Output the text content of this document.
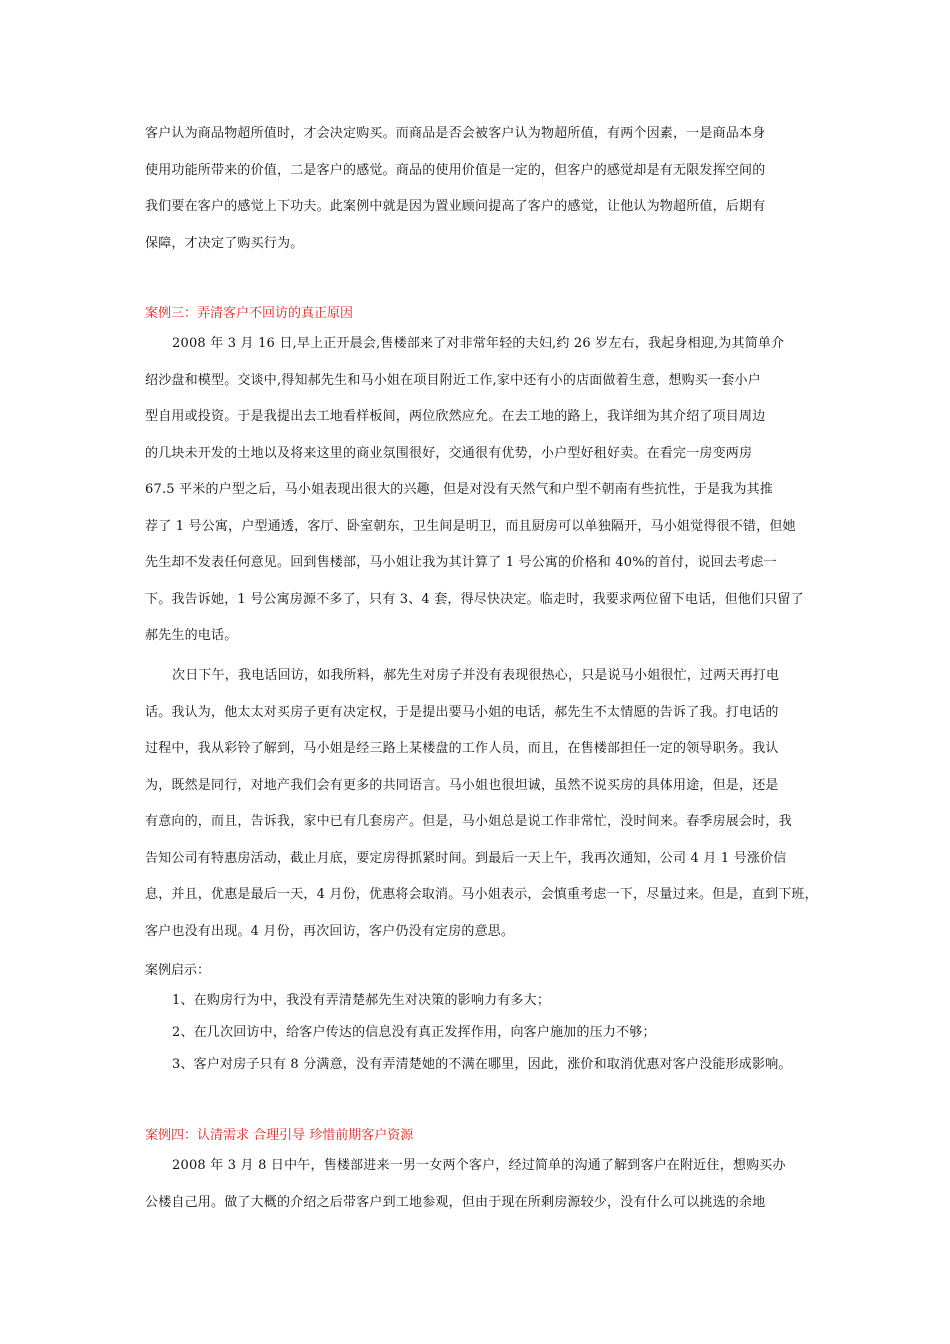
客户认为商品物超所值时，才会决定购买。而商品是否会被客户认为物超所值，有两个因素，一是商品本身
使用功能所带来的价值，二是客户的感觉。商品的使用价值是一定的，但客户的感觉却是有无限发挥空间的
我们要在客户的感觉上下功夫。此案例中就是因为置业顾问提高了客户的感觉，让他认为物超所值，后期有
保障，才决定了购买行为。
案例三：弄清客户不回访的真正原因
2008 年 3 月 16 日,早上正开晨会,售楼部来了对非常年轻的夫妇,约 26 岁左右，我起身相迎,为其简单介
绍沙盘和模型。交谈中,得知郝先生和马小姐在项目附近工作,家中还有小的店面做着生意，想购买一套小户
型自用或投资。于是我提出去工地看样板间，两位欣然应允。在去工地的路上，我详细为其介绍了项目周边
的几块未开发的土地以及将来这里的商业氛围很好，交通很有优势，小户型好租好卖。在看完一房变两房
67.5 平米的户型之后，马小姐表现出很大的兴趣，但是对没有天然气和户型不朝南有些抗性，于是我为其推
荐了 1 号公寓，户型通透，客厅、卧室朝东，卫生间是明卫，而且厨房可以单独隔开，马小姐觉得很不错，但她
先生却不发表任何意见。回到售楼部，马小姐让我为其计算了 1 号公寓的价格和 40%的首付，说回去考虑一
下。我告诉她，1 号公寓房源不多了，只有 3、4 套，得尽快决定。临走时，我要求两位留下电话，但他们只留了
郝先生的电话。
次日下午，我电话回访，如我所料，郝先生对房子并没有表现很热心，只是说马小姐很忙，过两天再打电
话。我认为，他太太对买房子更有决定权，于是提出要马小姐的电话，郝先生不太情愿的告诉了我。打电话的
过程中，我从彩铃了解到，马小姐是经三路上某楼盘的工作人员，而且，在售楼部担任一定的领导职务。我认
为，既然是同行，对地产我们会有更多的共同语言。马小姐也很坦诚，虽然不说买房的具体用途，但是，还是
有意向的，而且，告诉我，家中已有几套房产。但是，马小姐总是说工作非常忙，没时间来。春季房展会时，我
告知公司有特惠房活动，截止月底，要定房得抓紧时间。到最后一天上午，我再次通知，公司 4 月 1 号涨价信
息，并且，优惠是最后一天，4 月份，优惠将会取消。马小姐表示，会慎重考虑一下，尽量过来。但是，直到下班，
客户也没有出现。4 月份，再次回访，客户仍没有定房的意思。
案例启示：
1、在购房行为中，我没有弄清楚郝先生对决策的影响力有多大；
2、在几次回访中，给客户传达的信息没有真正发挥作用，向客户施加的压力不够；
3、客户对房子只有 8 分满意，没有弄清楚她的不满在哪里，因此，涨价和取消优惠对客户没能形成影响。
案例四：认清需求 合理引导 珍惜前期客户资源
2008 年 3 月 8 日中午，售楼部进来一男一女两个客户，经过简单的沟通了解到客户在附近住，想购买办
公楼自己用。做了大概的介绍之后带客户到工地参观，但由于现在所剩房源较少，没有什么可以挑选的余地
